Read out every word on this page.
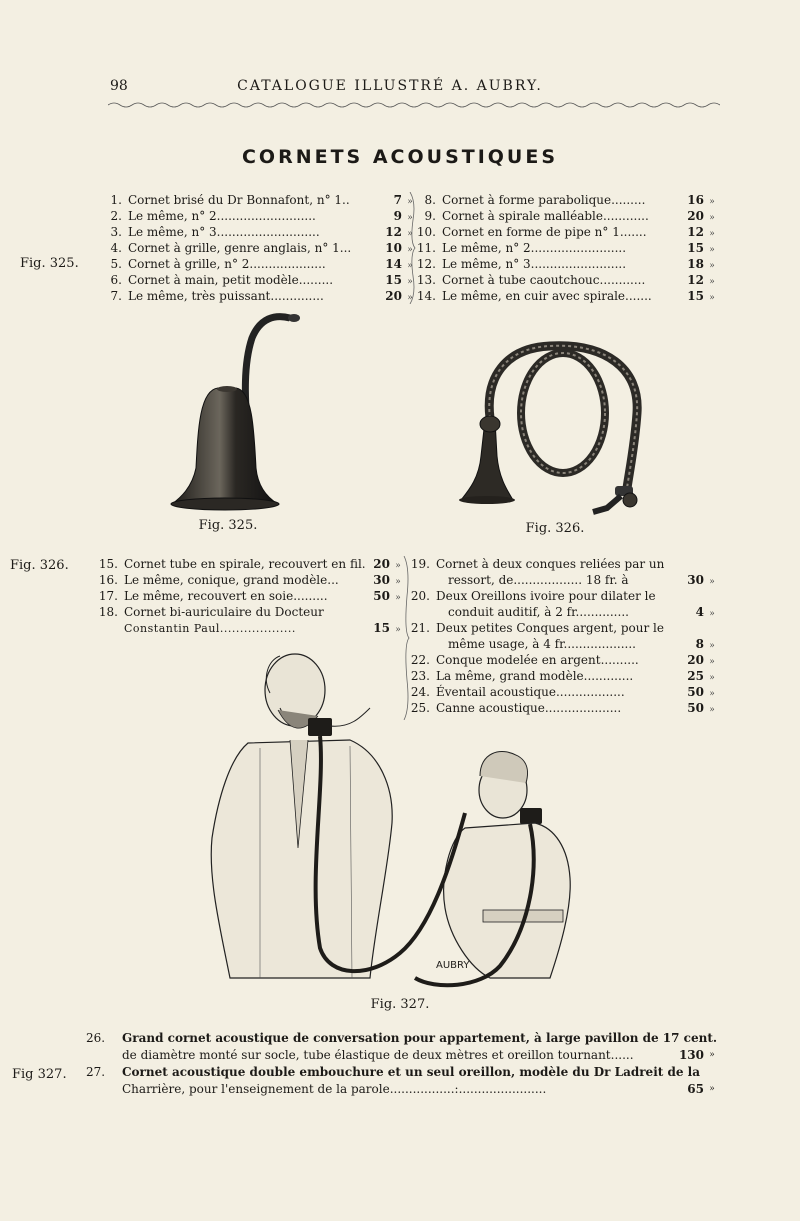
98	CATALOGUE ILLUSTRÉ A. AUBRY.
CORNETS ACOUSTIQUES
Fig. 325.
Fig. 326.
Fig 327.
1. Cornet brisé du Dr Bonnafont, n° 1..	7 »
2. Le même, n° 2..........................	9 »
3. Le même, n° 3...........................	12 »
4. Cornet à grille, genre anglais, n° 1...	10 »
5. Cornet à grille, n° 2....................	14 »
6. Cornet à main, petit modèle.........	15 »
7. Le même, très puissant..............	20 »
8. Cornet à forme parabolique.........	16 »
9. Cornet à spirale malléable............	20 »
10. Cornet en forme de pipe n° 1.......	12 »
11. Le même, n° 2.........................	15 »
12. Le même, n° 3.........................	18 »
13. Cornet à tube caoutchouc............	12 »
14. Le même, en cuir avec spirale.......	15 »
Fig. 325.	Fig. 326.
15. Cornet tube en spirale, recouvert en fil. 20 »
16. Le même, conique, grand modèle...	30 »
17. Le même, recouvert en soie.........	50 »
18. Cornet bi-auriculaire du Docteur
Constantin Paul...................	15 »
19. Cornet à deux conques reliées par un
ressort, de.................. 18 fr. à	30 »
20. Deux Oreillons ivoire pour dilater le
conduit auditif, à 2 fr..............	4 »
21. Deux petites Conques argent, pour le
même usage, à 4 fr...................	8 »
22. Conque modelée en argent..........	20 »
23. La même, grand modèle.............	25 »
24. Éventail acoustique..................	50 »
25. Canne acoustique....................	50 »
AUBRY
Fig. 327.
26.	Grand cornet acoustique de conversation pour appartement, à large pavillon de 17 cent.
de diamètre monté sur socle, tube élastique de deux mètres et oreillon tournant......	130 »
27.	Cornet acoustique double embouchure et un seul oreillon, modèle du Dr Ladreit de la
Charrière, pour l'enseignement de la parole.................:.......................	65 »
